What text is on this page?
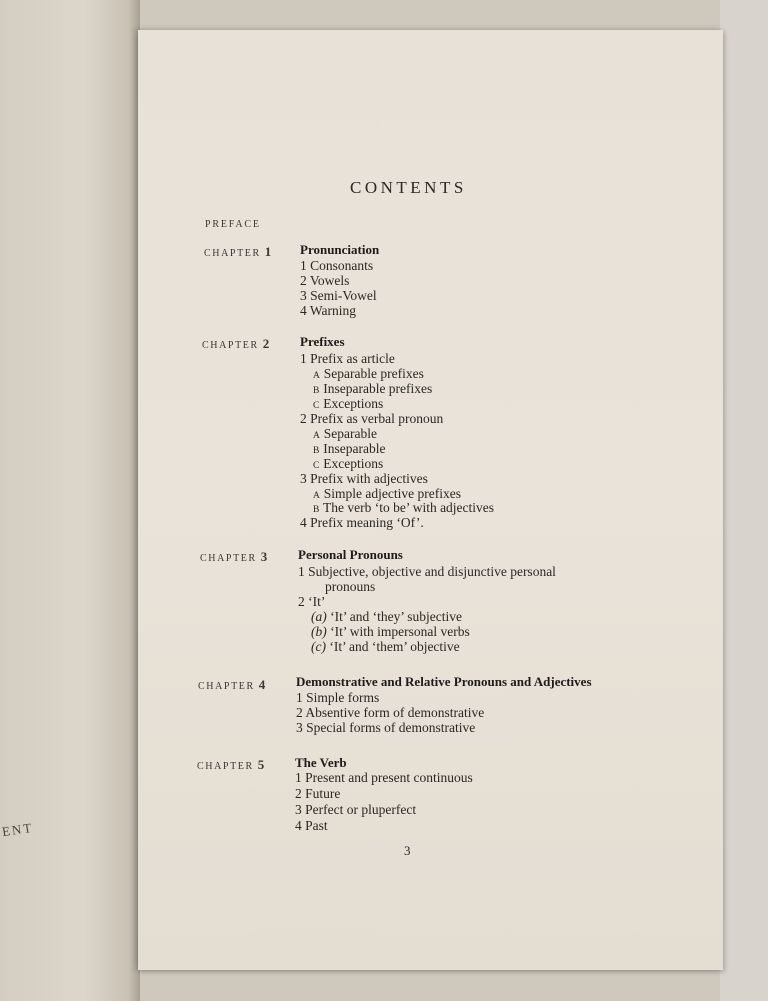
ENT
CONTENTS
PREFACE
CHAPTER 1 Pronunciation
1 Consonants
2 Vowels
3 Semi-Vowel
4 Warning
CHAPTER 2 Prefixes
1 Prefix as article
A Separable prefixes
B Inseparable prefixes
C Exceptions
2 Prefix as verbal pronoun
A Separable
B Inseparable
C Exceptions
3 Prefix with adjectives
A Simple adjective prefixes
B The verb ‘to be’ with adjectives
4 Prefix meaning ‘Of’.
CHAPTER 3 Personal Pronouns
1 Subjective, objective and disjunctive personal
pronouns
2 ‘It’
(a) ‘It’ and ‘they’ subjective
(b) ‘It’ with impersonal verbs
(c) ‘It’ and ‘them’ objective
CHAPTER 4 Demonstrative and Relative Pronouns and Adjectives
1 Simple forms
2 Absentive form of demonstrative
3 Special forms of demonstrative
CHAPTER 5 The Verb
1 Present and present continuous
2 Future
3 Perfect or pluperfect
4 Past
3
